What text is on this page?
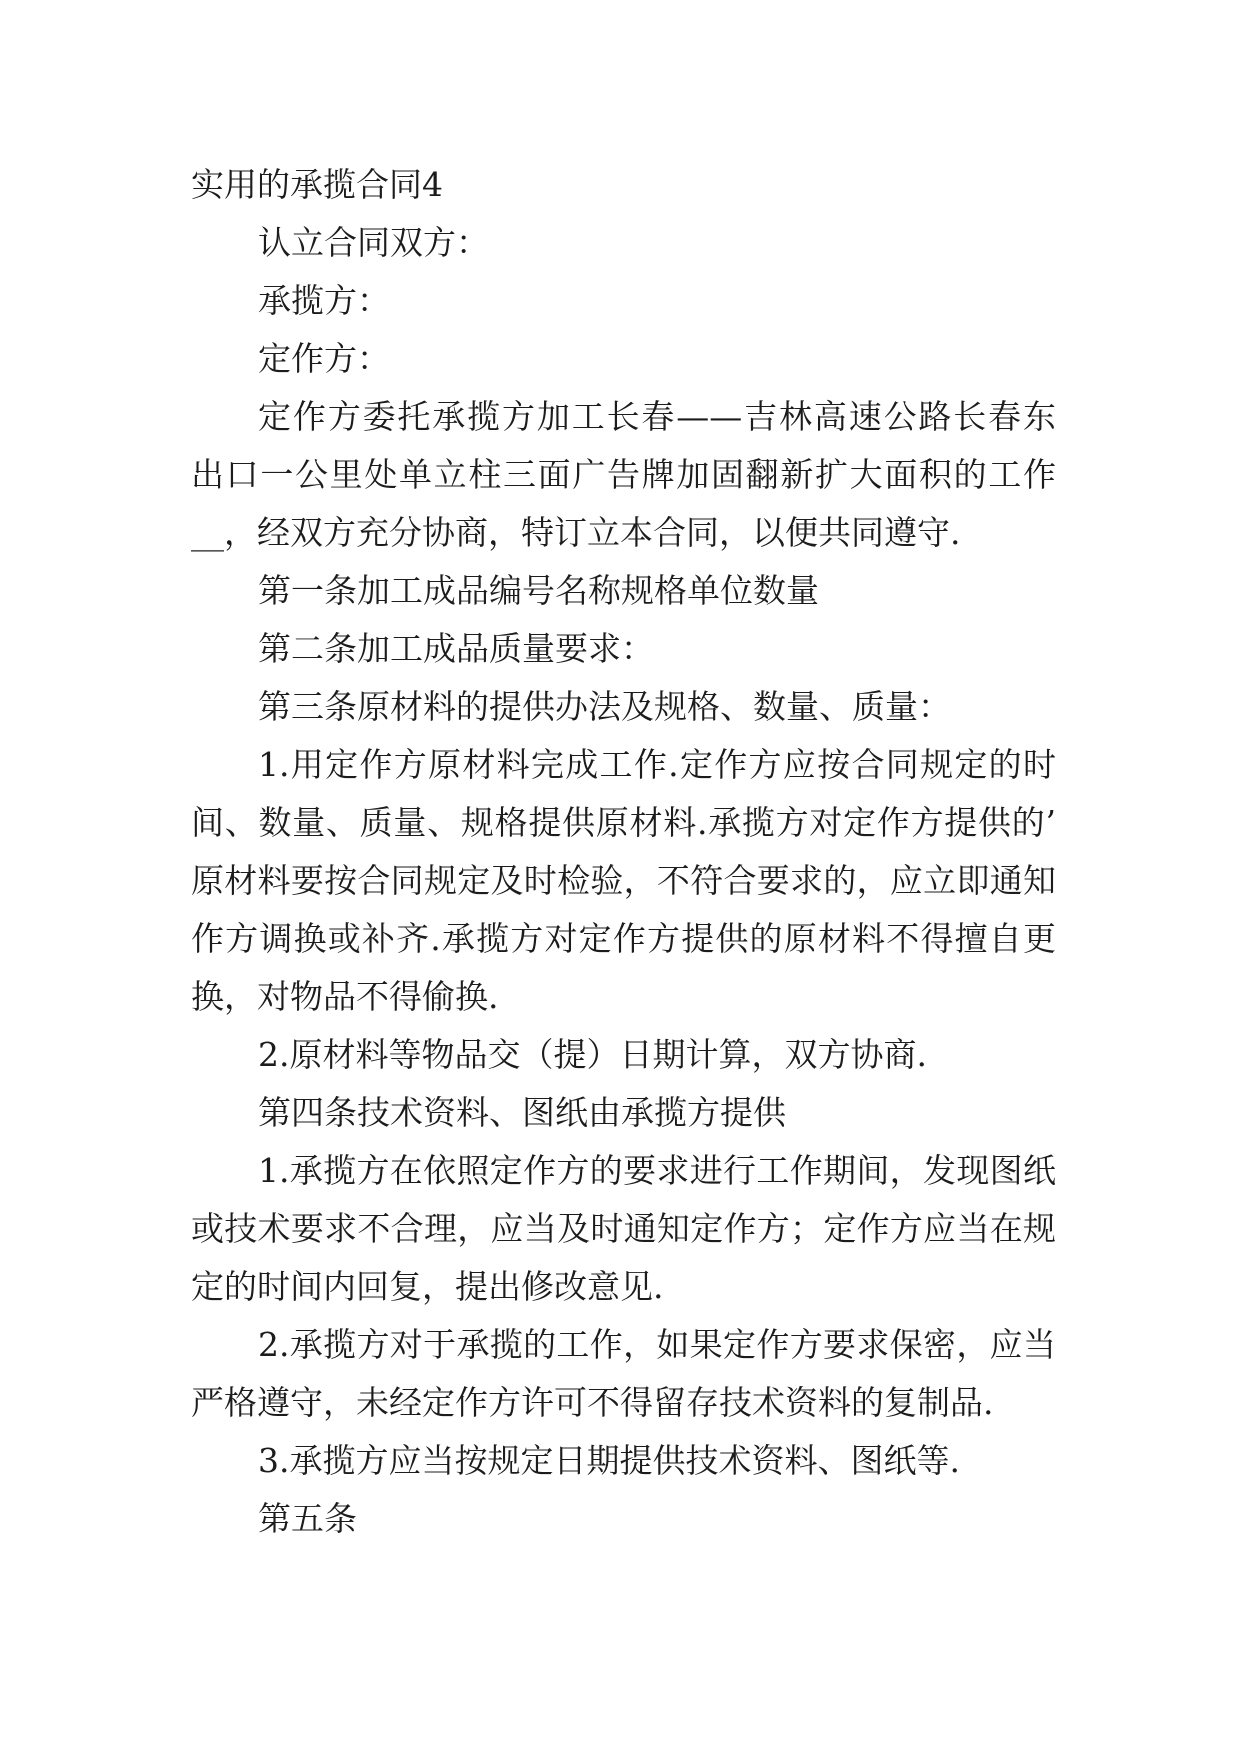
实用的承揽合同4
认立合同双方：
承揽方：
定作方：
定作方委托承揽方加工长春——吉林高速公路长春东
出口一公里处单立柱三面广告牌加固翻新扩大面积的工作
__，经双方充分协商，特订立本合同，以便共同遵守.
第一条加工成品编号名称规格单位数量
第二条加工成品质量要求：
第三条原材料的提供办法及规格、数量、质量：
1.用定作方原材料完成工作.定作方应按合同规定的时
间、数量、质量、规格提供原材料.承揽方对定作方提供的’
原材料要按合同规定及时检验，不符合要求的，应立即通知
作方调换或补齐.承揽方对定作方提供的原材料不得擅自更
换，对物品不得偷换.
2.原材料等物品交（提）日期计算，双方协商.
第四条技术资料、图纸由承揽方提供
1.承揽方在依照定作方的要求进行工作期间，发现图纸
或技术要求不合理，应当及时通知定作方；定作方应当在规
定的时间内回复，提出修改意见.
2.承揽方对于承揽的工作，如果定作方要求保密，应当
严格遵守，未经定作方许可不得留存技术资料的复制品.
3.承揽方应当按规定日期提供技术资料、图纸等.
第五条
